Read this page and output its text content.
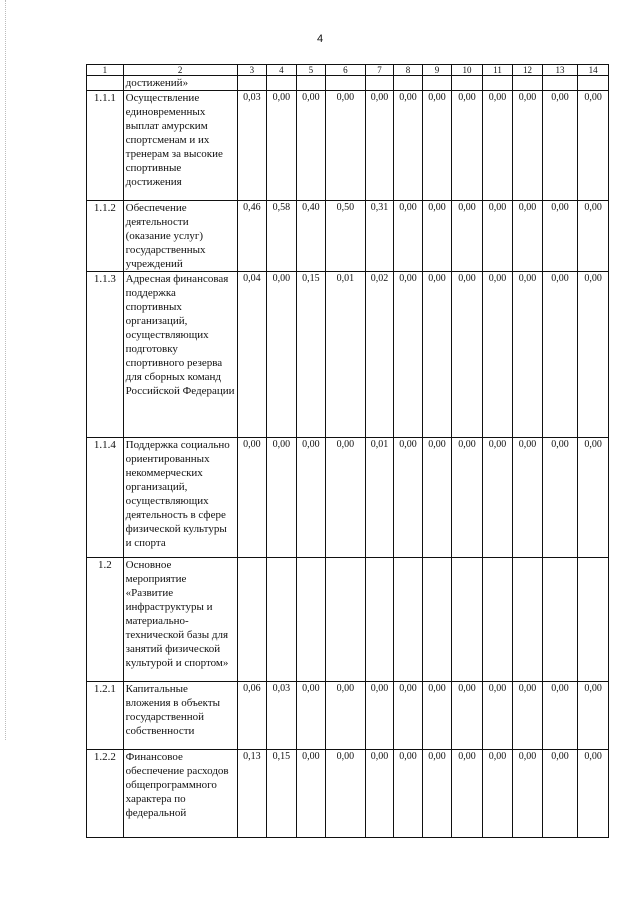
4
1	2	3	4	5	6	7	8	9	10	11	12	13	14
	достижений»												
1.1.1	Осуществление единовременных выплат амурским спортсменам и их тренерам за высокие спортивные достижения	0,03	0,00	0,00	0,00	0,00	0,00	0,00	0,00	0,00	0,00	0,00	0,00
1.1.2	Обеспечение деятельности (оказание услуг) государственных учреждений	0,46	0,58	0,40	0,50	0,31	0,00	0,00	0,00	0,00	0,00	0,00	0,00
1.1.3	Адресная финансовая поддержка спортивных организаций, осуществляющих подготовку спортивного резерва для сборных команд Российской Федерации	0,04	0,00	0,15	0,01	0,02	0,00	0,00	0,00	0,00	0,00	0,00	0,00
1.1.4	Поддержка социально ориентированных некоммерческих организаций, осуществляющих деятельность в сфере физической культуры и спорта	0,00	0,00	0,00	0,00	0,01	0,00	0,00	0,00	0,00	0,00	0,00	0,00
1.2	Основное мероприятие «Развитие инфраструктуры и материально-технической базы для занятий физической культурой и спортом»												
1.2.1	Капитальные вложения в объекты государственной собственности	0,06	0,03	0,00	0,00	0,00	0,00	0,00	0,00	0,00	0,00	0,00	0,00
1.2.2	Финансовое обеспечение расходов общепрограммного характера по федеральной	0,13	0,15	0,00	0,00	0,00	0,00	0,00	0,00	0,00	0,00	0,00	0,00
